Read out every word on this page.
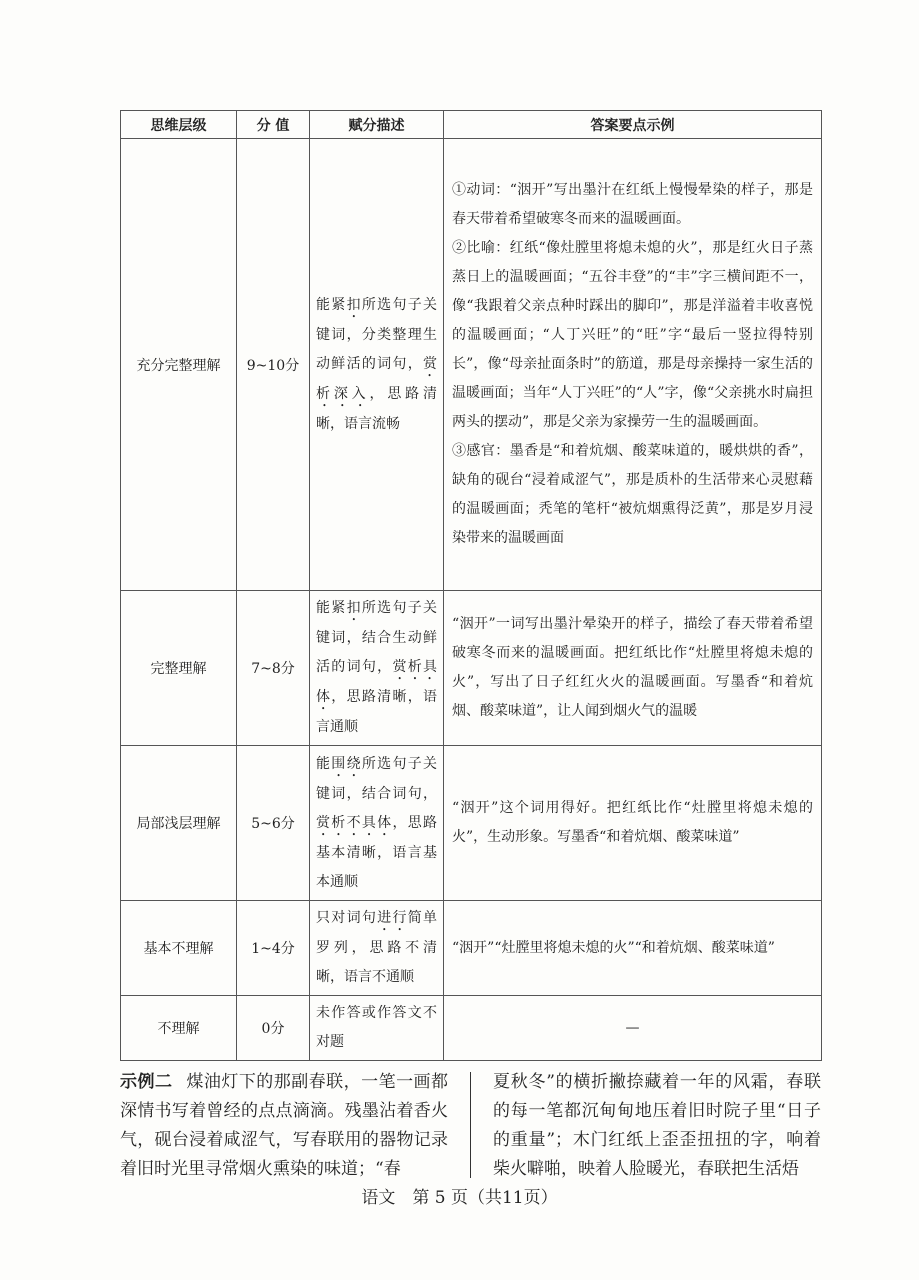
思维层级	分 值	赋分描述	答案要点示例
充分完整理解	9~10分	能紧扣所选句子关键词，分类整理生动鲜活的词句，赏析深入，思路清晰，语言流畅	①动词：“洇开”写出墨汁在红纸上慢慢晕染的样子，那是春天带着希望破寒冬而来的温暖画面。

②比喻：红纸“像灶膛里将熄未熄的火”，那是红火日子蒸蒸日上的温暖画面；“五谷丰登”的“丰”字三横间距不一，像“我跟着父亲点种时踩出的脚印”，那是洋溢着丰收喜悦的温暖画面；“人丁兴旺”的“旺”字“最后一竖拉得特别长”，像“母亲扯面条时”的筋道，那是母亲操持一家生活的温暖画面；当年“人丁兴旺”的“人”字，像“父亲挑水时扁担两头的摆动”，那是父亲为家操劳一生的温暖画面。

③感官：墨香是“和着炕烟、酸菜味道的，暖烘烘的香”，缺角的砚台“浸着咸涩气”，那是质朴的生活带来心灵慰藉的温暖画面；秃笔的笔杆“被炕烟熏得泛黄”，那是岁月浸染带来的温暖画面

完整理解	7~8分	能紧扣所选句子关键词，结合生动鲜活的词句，赏析具体，思路清晰，语言通顺	“洇开”一词写出墨汁晕染开的样子，描绘了春天带着希望破寒冬而来的温暖画面。把红纸比作“灶膛里将熄未熄的火”，写出了日子红红火火的温暖画面。写墨香“和着炕烟、酸菜味道”，让人闻到烟火气的温暖
局部浅层理解	5~6分	能围绕所选句子关键词，结合词句，赏析不具体，思路基本清晰，语言基本通顺	“洇开”这个词用得好。把红纸比作“灶膛里将熄未熄的火”，生动形象。写墨香“和着炕烟、酸菜味道”
基本不理解	1~4分	只对词句进行简单罗列，思路不清晰，语言不通顺	“洇开”“灶膛里将熄未熄的火”“和着炕烟、酸菜味道”
不理解	0分	未作答或作答文不对题	—
示例二 煤油灯下的那副春联，一笔一画都深情书写着曾经的点点滴滴。残墨沾着香火气，砚台浸着咸涩气，写春联用的器物记录着旧时光里寻常烟火熏染的味道；“春
夏秋冬”的横折撇捺藏着一年的风霜，春联的每一笔都沉甸甸地压着旧时院子里“日子的重量”；木门红纸上歪歪扭扭的字，响着柴火噼啪，映着人脸暖光，春联把生活焐
语文　第 5 页（共11页）
